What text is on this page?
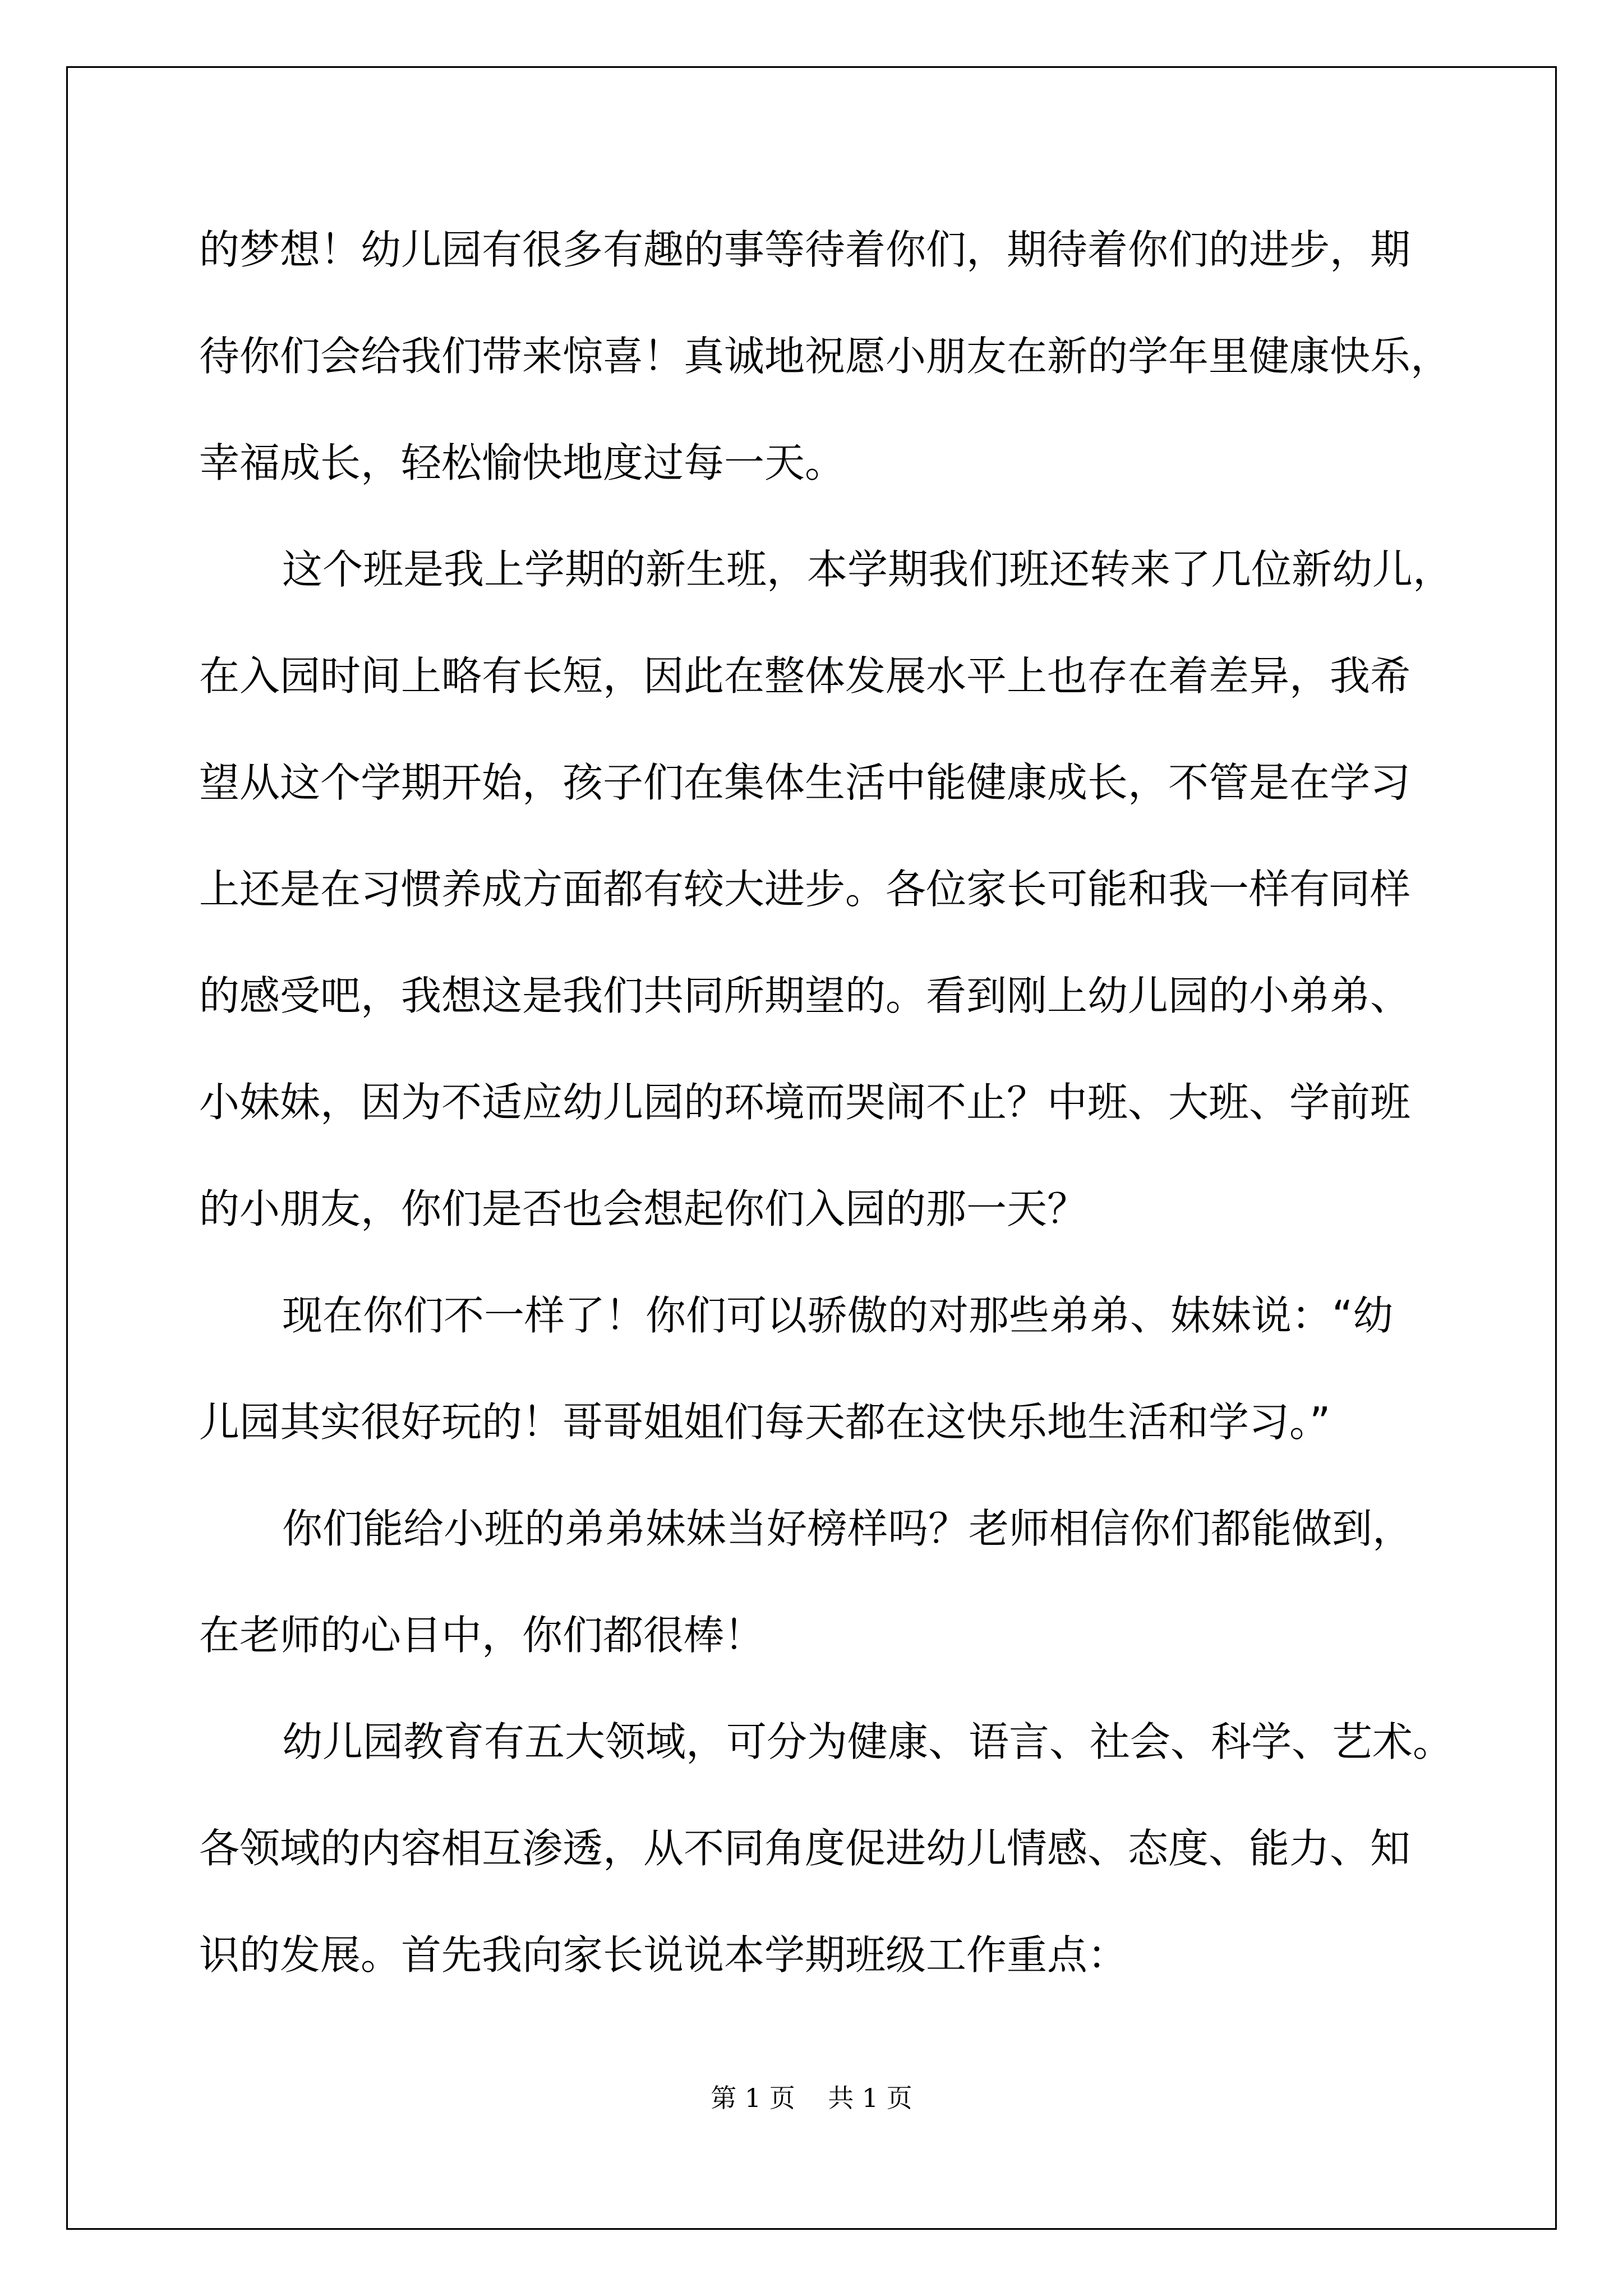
的梦想！幼儿园有很多有趣的事等待着你们，期待着你们的进步，期
待你们会给我们带来惊喜！真诚地祝愿小朋友在新的学年里健康快乐，
幸福成长，轻松愉快地度过每一天。
这个班是我上学期的新生班，本学期我们班还转来了几位新幼儿，
在入园时间上略有长短，因此在整体发展水平上也存在着差异，我希
望从这个学期开始，孩子们在集体生活中能健康成长，不管是在学习
上还是在习惯养成方面都有较大进步。各位家长可能和我一样有同样
的感受吧，我想这是我们共同所期望的。看到刚上幼儿园的小弟弟、
小妹妹，因为不适应幼儿园的环境而哭闹不止？中班、大班、学前班
的小朋友，你们是否也会想起你们入园的那一天？
现在你们不一样了！你们可以骄傲的对那些弟弟、妹妹说：“幼
儿园其实很好玩的！哥哥姐姐们每天都在这快乐地生活和学习。”
你们能给小班的弟弟妹妹当好榜样吗？老师相信你们都能做到，
在老师的心目中，你们都很棒！
幼儿园教育有五大领域，可分为健康、语言、社会、科学、艺术。
各领域的内容相互渗透，从不同角度促进幼儿情感、态度、能力、知
识的发展。首先我向家长说说本学期班级工作重点：
第 1 页    共 1 页
